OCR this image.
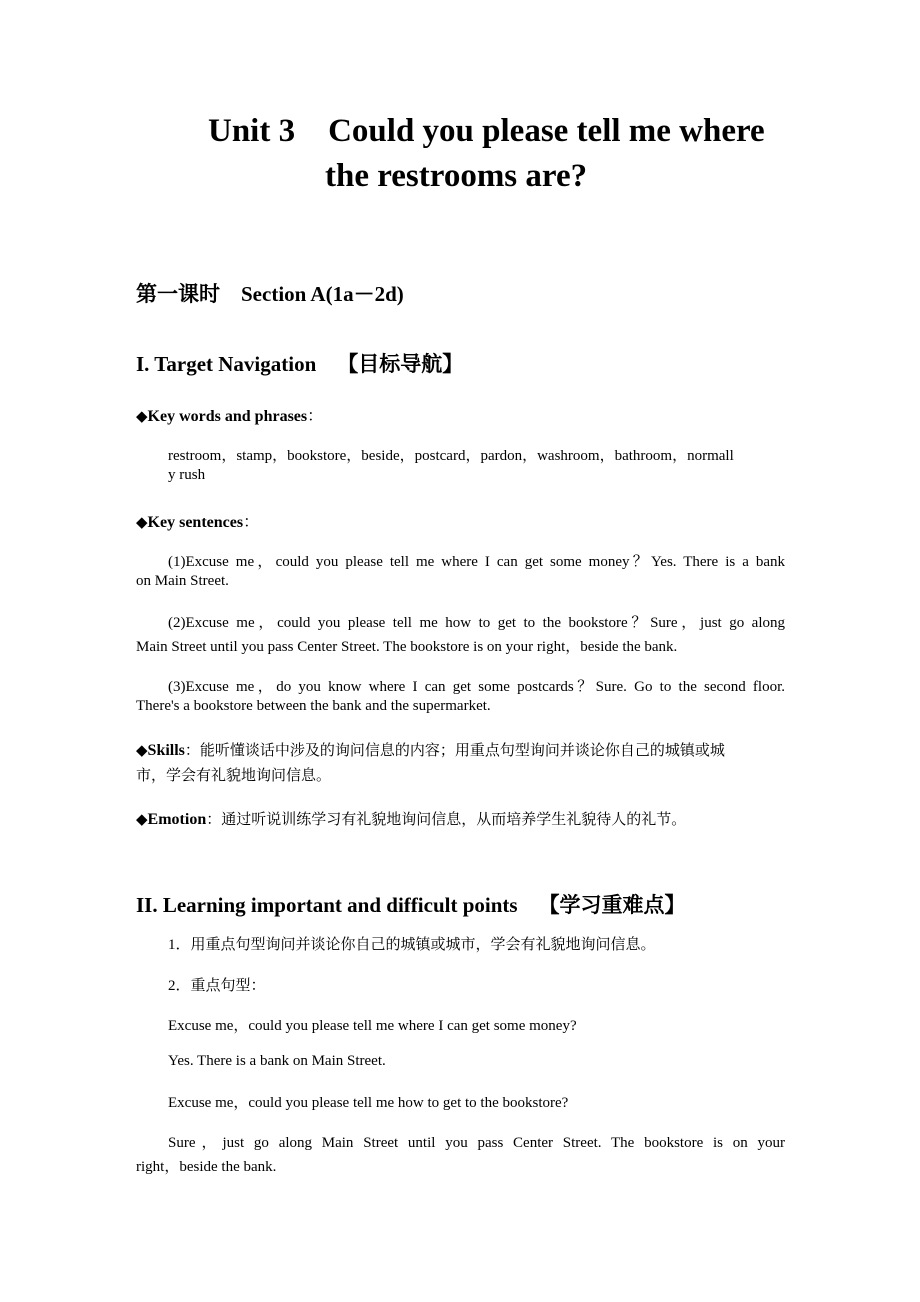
Unit 3    Could you please tell me where
the restrooms are?
第一课时    Section A(1a－2d)
I. Target Navigation    【目标导航】
◆Key words and phrases：
restroom，stamp，bookstore，beside，postcard，pardon，washroom，bathroom，normall
y rush
◆Key sentences：
(1)Excuse me，could you please tell me where I can get some money？Yes. There is a bank
on Main Street.
(2)Excuse me，could you please tell me how to get to the bookstore？Sure，just go along
Main Street until you pass Center Street. The bookstore is on your right，beside the bank.
(3)Excuse me，do you know where I can get some postcards？Sure. Go to the second floor.
There's a bookstore between the bank and the supermarket.
◆Skills：能听懂谈话中涉及的询问信息的内容；用重点句型询问并谈论你自己的城镇或城
市，学会有礼貌地询问信息。
◆Emotion：通过听说训练学习有礼貌地询问信息，从而培养学生礼貌待人的礼节。
II. Learning important and difficult points    【学习重难点】
1．用重点句型询问并谈论你自己的城镇或城市，学会有礼貌地询问信息。
2．重点句型：
Excuse me，could you please tell me where I can get some money?
Yes. There is a bank on Main Street.
Excuse me，could you please tell me how to get to the bookstore?
Sure，just go along Main Street until you pass Center Street. The bookstore is on your
right，beside the bank.
